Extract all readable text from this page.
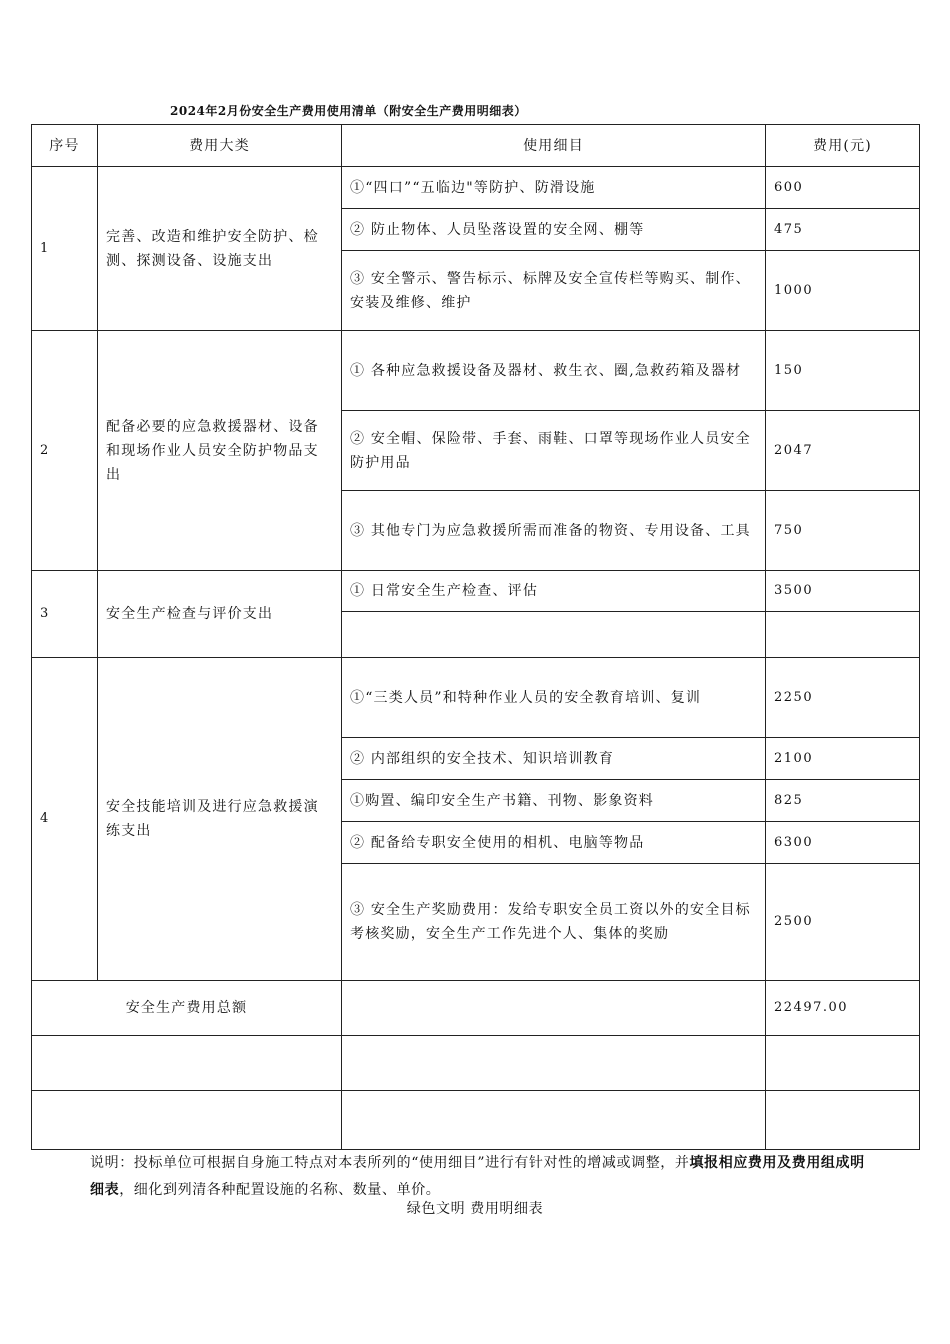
2024年2月份安全生产费用使用清单（附安全生产费用明细表）
序号	费用大类	使用细目	费用(元)
1	完善、改造和维护安全防护、检测、探测设备、设施支出	①“四口”“五临边"等防护、防滑设施	600
		② 防止物体、人员坠落设置的安全网、棚等	475
		③ 安全警示、警告标示、标牌及安全宣传栏等购买、制作、安装及维修、维护	1000
2	配备必要的应急救援器材、设备和现场作业人员安全防护物品支出	① 各种应急救援设备及器材、救生衣、圈,急救药箱及器材	150
		② 安全帽、保险带、手套、雨鞋、口罩等现场作业人员安全防护用品	2047
		③ 其他专门为应急救援所需而准备的物资、专用设备、工具	750
3	安全生产检查与评价支出	① 日常安全生产检查、评估	3500

4	安全技能培训及进行应急救援演练支出	①“三类人员”和特种作业人员的安全教育培训、复训	2250
		② 内部组织的安全技术、知识培训教育	2100
		①购置、编印安全生产书籍、刊物、影象资料	825
		② 配备给专职安全使用的相机、电脑等物品	6300
		③ 安全生产奖励费用：发给专职安全员工资以外的安全目标考核奖励，安全生产工作先进个人、集体的奖励	2500
安全生产费用总额			22497.00

说明：投标单位可根据自身施工特点对本表所列的“使用细目”进行有针对性的增减或调整，并填报相应费用及费用组成明细表，细化到列清各种配置设施的名称、数量、单价。
绿色文明 费用明细表
